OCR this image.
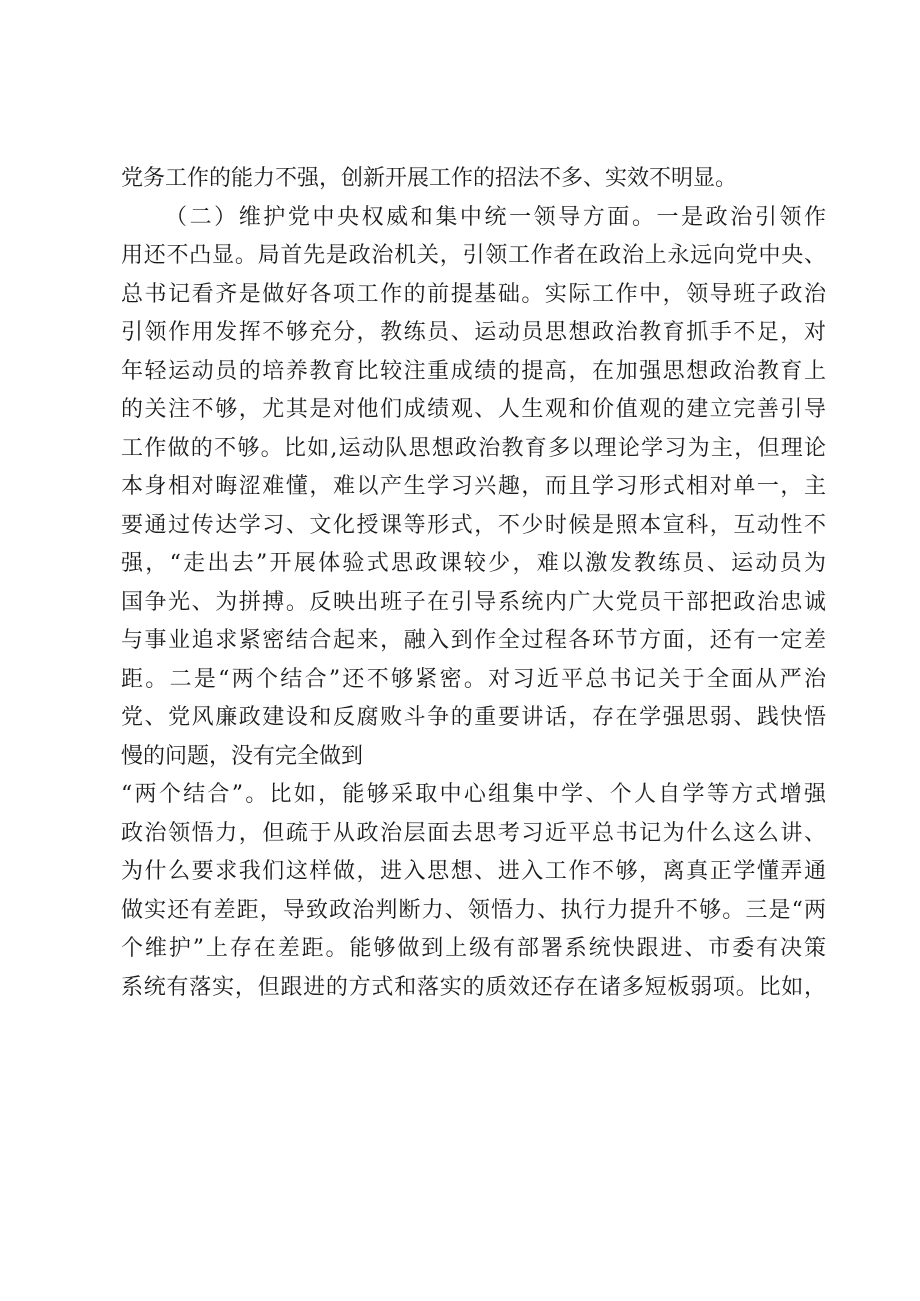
党务工作的能力不强，创新开展工作的招法不多、实效不明显。
（二）维护党中央权威和集中统一领导方面。一是政治引领作
用还不凸显。局首先是政治机关，引领工作者在政治上永远向党中央、
总书记看齐是做好各项工作的前提基础。实际工作中，领导班子政治
引领作用发挥不够充分，教练员、运动员思想政治教育抓手不足，对
年轻运动员的培养教育比较注重成绩的提高，在加强思想政治教育上
的关注不够，尤其是对他们成绩观、人生观和价值观的建立完善引导
工作做的不够。比如,运动队思想政治教育多以理论学习为主，但理论
本身相对晦涩难懂，难以产生学习兴趣，而且学习形式相对单一，主
要通过传达学习、文化授课等形式，不少时候是照本宣科，互动性不
强，“走出去”开展体验式思政课较少，难以激发教练员、运动员为
国争光、为拼搏。反映出班子在引导系统内广大党员干部把政治忠诚
与事业追求紧密结合起来，融入到作全过程各环节方面，还有一定差
距。二是“两个结合”还不够紧密。对习近平总书记关于全面从严治
党、党风廉政建设和反腐败斗争的重要讲话，存在学强思弱、践快悟
慢的问题，没有完全做到
“两个结合”。比如，能够采取中心组集中学、个人自学等方式增强
政治领悟力，但疏于从政治层面去思考习近平总书记为什么这么讲、
为什么要求我们这样做，进入思想、进入工作不够，离真正学懂弄通
做实还有差距，导致政治判断力、领悟力、执行力提升不够。三是“两
个维护”上存在差距。能够做到上级有部署系统快跟进、市委有决策
系统有落实，但跟进的方式和落实的质效还存在诸多短板弱项。比如，
